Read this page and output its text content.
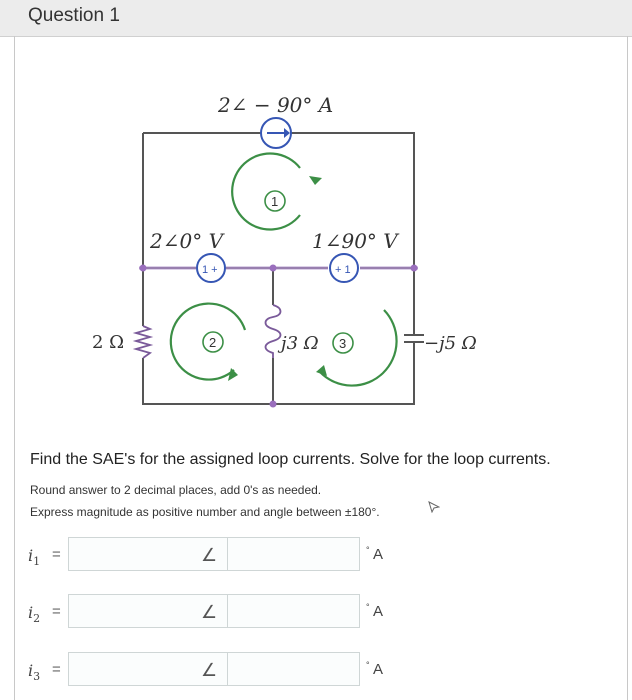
Question 1
2∠ − 90° A
1
2∠0° V	1∠90° V
1 +	+ 1
2 Ω	2	j3 Ω 3	−j5 Ω
Find the SAE's for the assigned loop currents. Solve for the loop currents.
Round answer to 2 decimal places, add 0's as needed.
Express magnitude as positive number and angle between ±180°.
$i_1$ =	∠	° A
$i_2$ =	∠	° A
$i_3$ =	∠	° A
